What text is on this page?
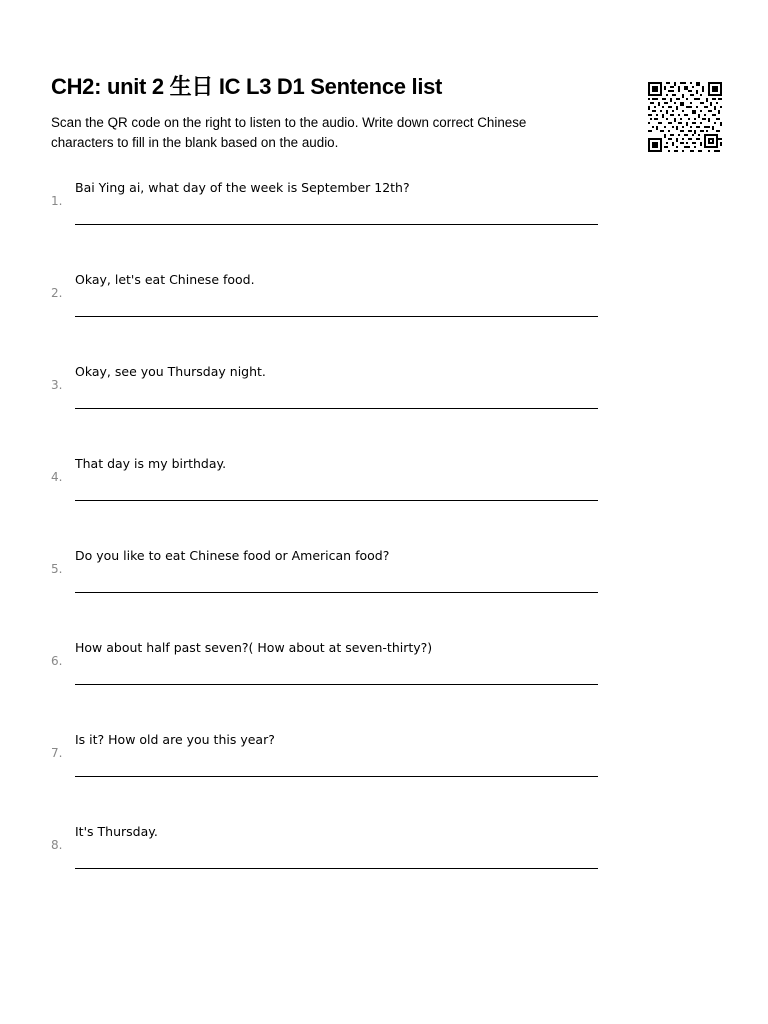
CH2: unit 2 生日 IC L3 D1 Sentence list
Scan the QR code on the right to listen to the audio. Write down correct Chinese characters to fill in the blank based on the audio.
1.
Bai Ying ai, what day of the week is September 12th?
2.
Okay, let's eat Chinese food.
3.
Okay, see you Thursday night.
4.
That day is my birthday.
5.
Do you like to eat Chinese food or American food?
6.
How about half past seven?( How about at seven-thirty?)
7.
Is it? How old are you this year?
8.
It's Thursday.
